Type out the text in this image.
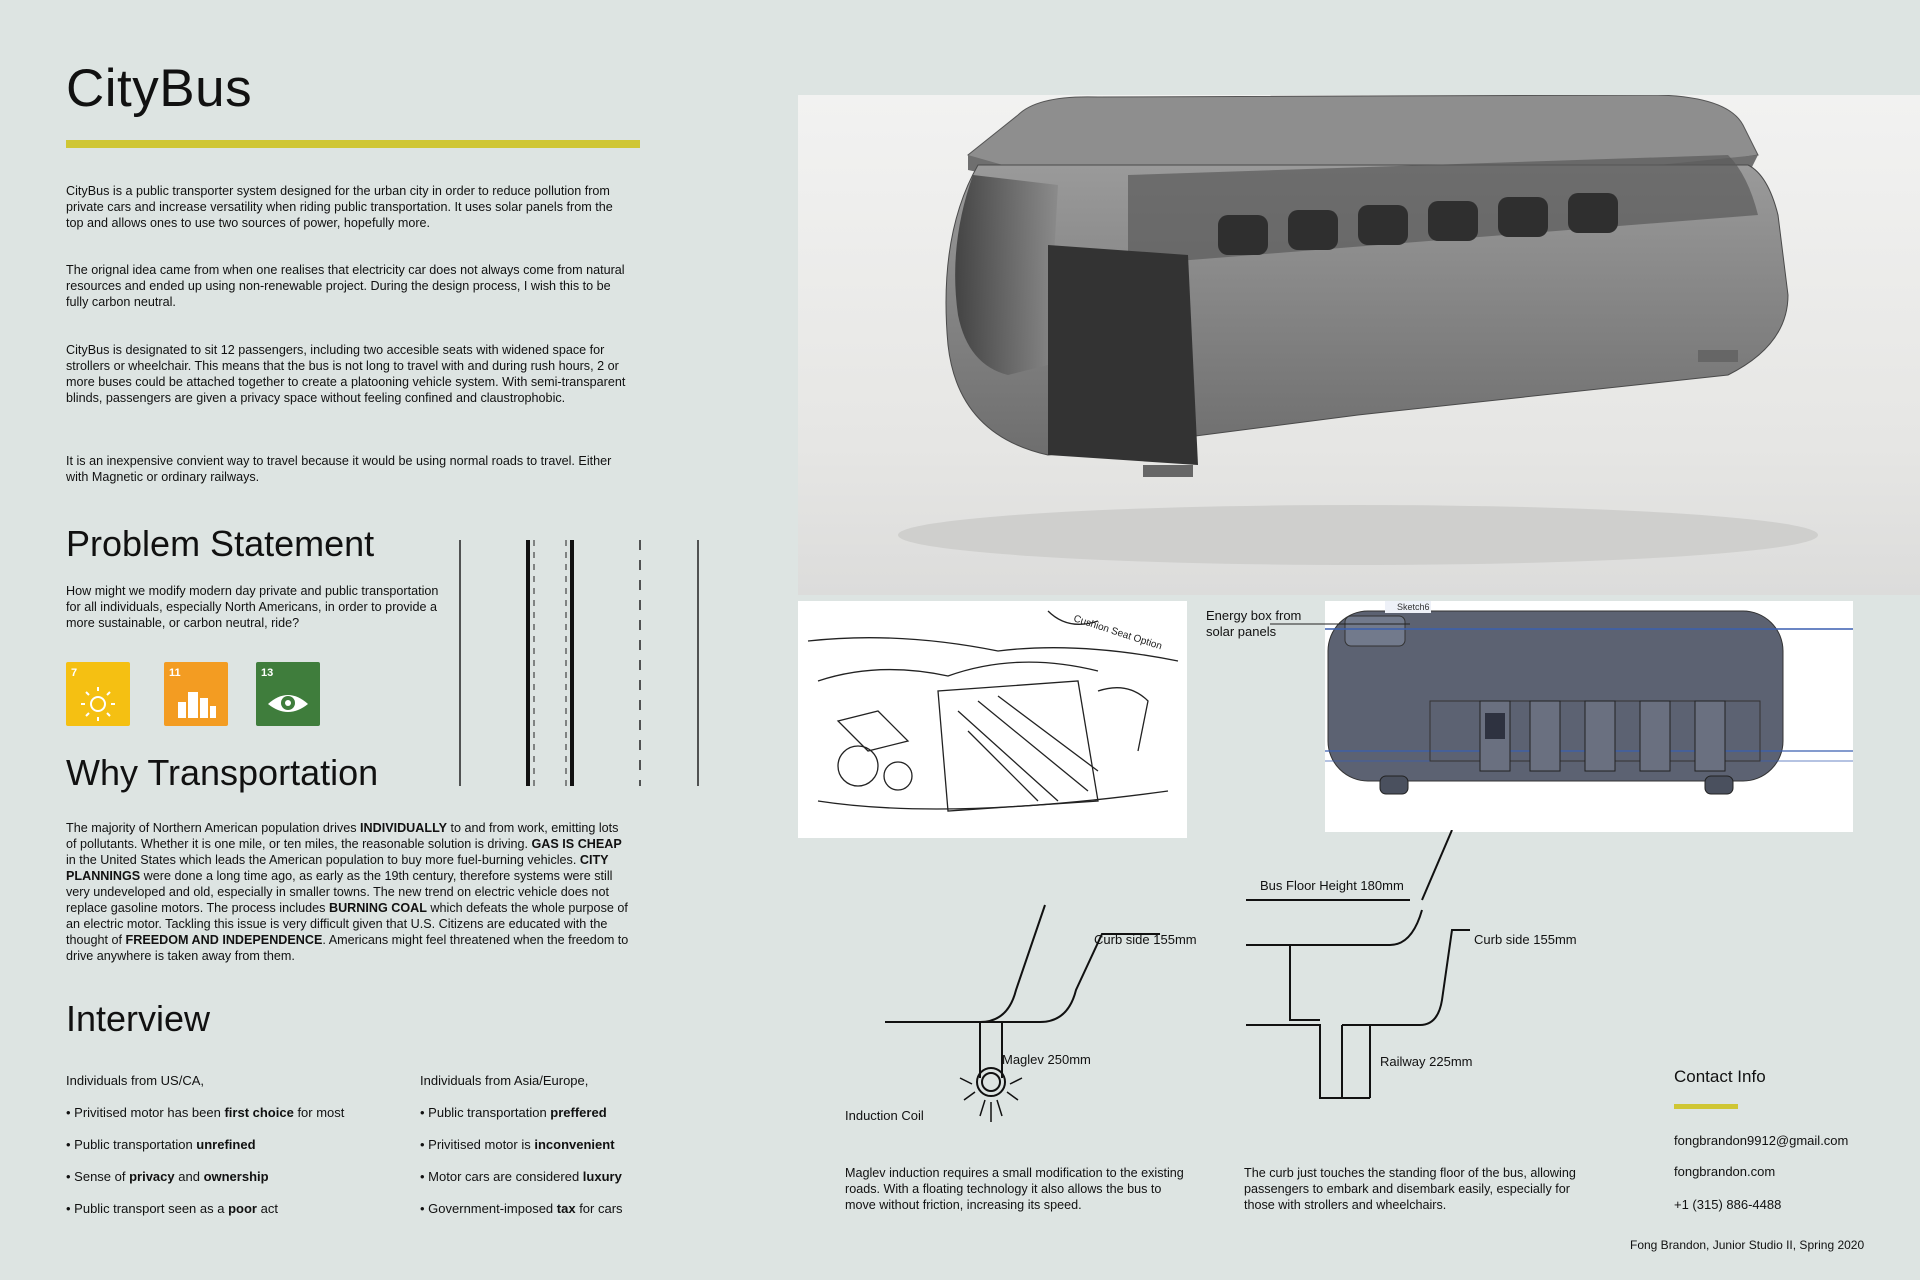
CityBus

CityBus is a public transporter system designed for the urban city in order to reduce pollution from private cars and increase versatility when riding public transportation. It uses solar panels from the top and allows ones to use two sources of power, hopefully more.

The orignal idea came from when one realises that electricity car does not always come from natural resources and ended up using non-renewable project. During the design process, I wish this to be fully carbon neutral.

CityBus is designated to sit 12 passengers, including two accesible seats with widened space for strollers or wheelchair. This means that the bus is not long to travel with and during rush hours, 2 or more buses could be attached together to create a platooning vehicle system. With semi-transparent blinds, passengers are given a privacy space without feeling confined and claustrophobic.

It is an inexpensive convient way to travel because it would be using normal roads to travel. Either with Magnetic or ordinary railways.

Problem Statement

How might we modify modern day private and public transportation for all individuals, especially North Americans, in order to provide a more sustainable, or carbon neutral, ride?

7	11	13
Why Transportation

The majority of Northern American population drives INDIVIDUALLY to and from work, emitting lots of pollutants. Whether it is one mile, or ten miles, the reasonable solution is driving. GAS IS CHEAP in the United States which leads the American population to buy more fuel-burning vehicles. CITY PLANNINGS were done a long time ago, as early as the 19th century, therefore systems were still very undeveloped and old, especially in smaller towns. The new trend on electric vehicle does not replace gasoline motors. The process includes BURNING COAL which defeats the whole purpose of an electric motor. Tackling this issue is very difficult given that U.S. Citizens are educated with the thought of FREEDOM AND INDEPENDENCE. Americans might feel threatened when the freedom to drive anywhere is taken away from them.

Interview
Individuals from US/CA,
• Privitised motor has been first choice for most
• Public transportation unrefined
• Sense of privacy and ownership
• Public transport seen as a poor act
Individuals from Asia/Europe,
• Public transportation preffered
• Privitised motor is inconvenient
• Motor cars are considered luxury
• Government-imposed tax for cars
Cushion Seat Option
Sketch6
Energy box from solar panels
Curb side 155mm
Maglev 250mm
Induction Coil

Maglev induction requires a small modification to the existing roads. With a floating technology it also allows the bus to move without friction, increasing its speed.

Bus Floor Height 180mm
Curb side 155mm
Railway 225mm

The curb just touches the standing floor of the bus, allowing passengers to embark and disembark easily, especially for those with strollers and wheelchairs.

Contact Info
fongbrandon9912@gmail.com
fongbrandon.com
+1 (315) 886-4488
Fong Brandon, Junior Studio II, Spring 2020
